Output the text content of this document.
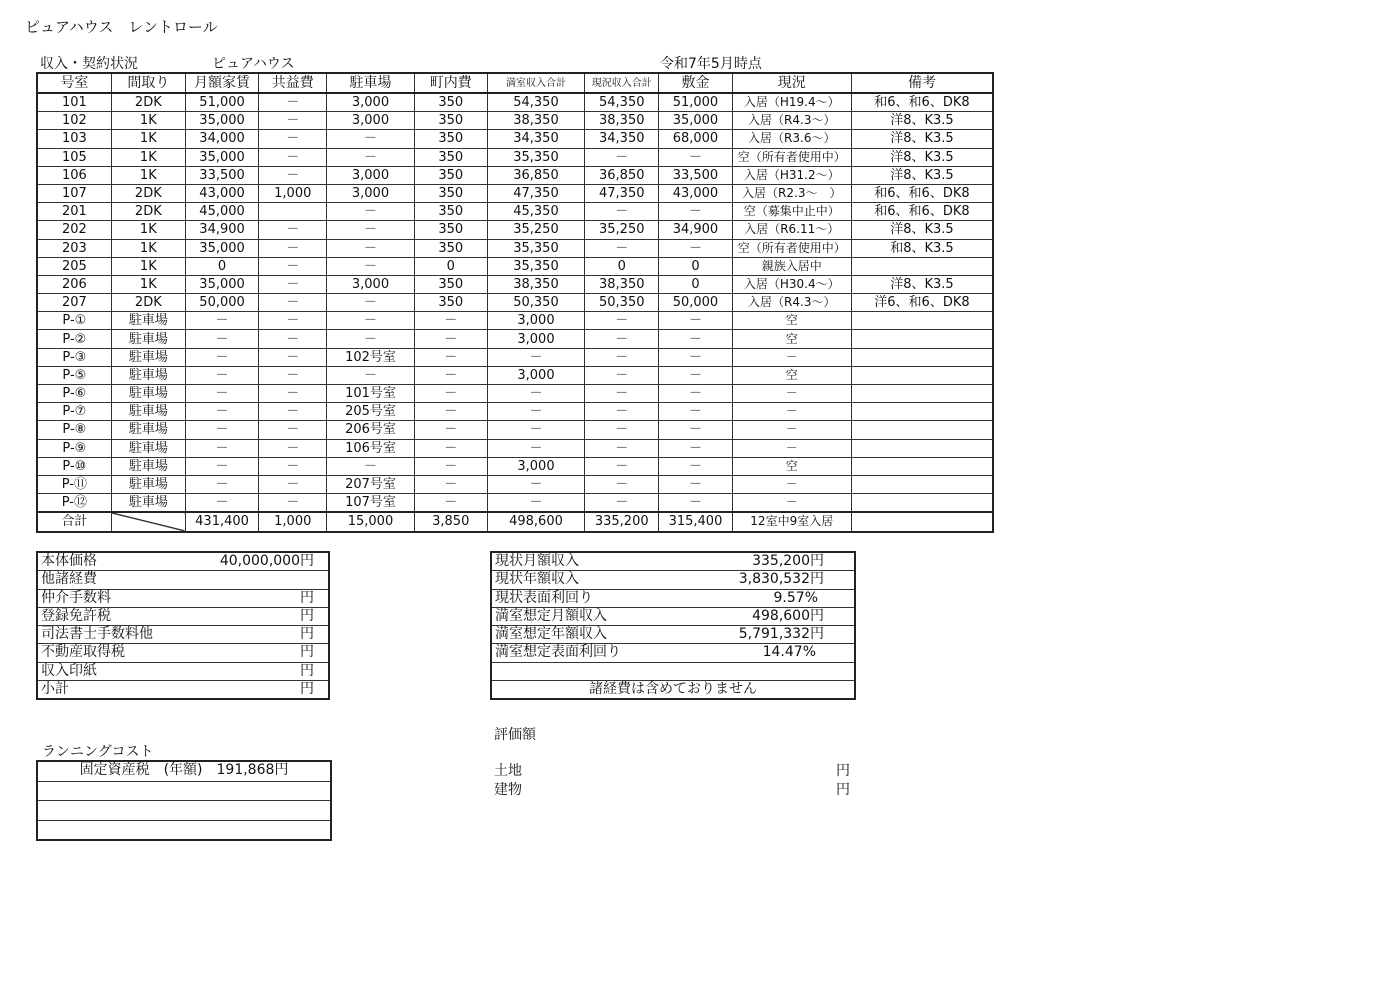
ピュアハウス　レントロール
収入・契約状況	ピュアハウス	令和7年5月時点
号室	間取り	月額家賃	共益費	駐車場	町内費	満室収入合計	現況収入合計	敷金	現況	備考
101	2DK	51,000	－	3,000	350	54,350	54,350	51,000	入居（H19.4～）	和6、和6、DK8
102	1K	35,000	－	3,000	350	38,350	38,350	35,000	入居（R4.3～）	洋8、K3.5
103	1K	34,000	－	－	350	34,350	34,350	68,000	入居（R3.6～）	洋8、K3.5
105	1K	35,000	－	－	350	35,350	－	－	空（所有者使用中）	洋8、K3.5
106	1K	33,500	－	3,000	350	36,850	36,850	33,500	入居（H31.2～）	洋8、K3.5
107	2DK	43,000	1,000	3,000	350	47,350	47,350	43,000	入居（R2.3～　）	和6、和6、DK8
201	2DK	45,000		－	350	45,350	－	－	空（募集中止中）	和6、和6、DK8
202	1K	34,900	－	－	350	35,250	35,250	34,900	入居（R6.11～）	洋8、K3.5
203	1K	35,000	－	－	350	35,350	－	－	空（所有者使用中）	和8、K3.5
205	1K	0	－	－	0	35,350	0	0	親族入居中	
206	1K	35,000	－	3,000	350	38,350	38,350	0	入居（H30.4～）	洋8、K3.5
207	2DK	50,000	－	－	350	50,350	50,350	50,000	入居（R4.3～）	洋6、和6、DK8
P-①	駐車場	－	－	－	－	3,000	－	－	空	
P-②	駐車場	－	－	－	－	3,000	－	－	空	
P-③	駐車場	－	－	102号室	－	－	－	－	－	
P-⑤	駐車場	－	－	－	－	3,000	－	－	空	
P-⑥	駐車場	－	－	101号室	－	－	－	－	－	
P-⑦	駐車場	－	－	205号室	－	－	－	－	－	
P-⑧	駐車場	－	－	206号室	－	－	－	－	－	
P-⑨	駐車場	－	－	106号室	－	－	－	－	－	
P-⑩	駐車場	－	－	－	－	3,000	－	－	空	
P-⑪	駐車場	－	－	207号室	－	－	－	－	－	
P-⑫	駐車場	－	－	107号室	－	－	－	－	－	
合計		431,400	1,000	15,000	3,850	498,600	335,200	315,400	12室中9室入居	
本体価格	40,000,000円
他諸経費
仲介手数料	円
登録免許税	円
司法書士手数料他	円
不動産取得税	円
収入印紙	円
小計	円
現状月額収入	335,200円
現状年額収入	3,830,532円
現状表面利回り	9.57%
満室想定月額収入	498,600円
満室想定年額収入	5,791,332円
満室想定表面利回り	14.47%
諸経費は含めておりません
ランニングコスト
固定資産税　(年額)　191,868円
評価額
土地	円
建物	円
